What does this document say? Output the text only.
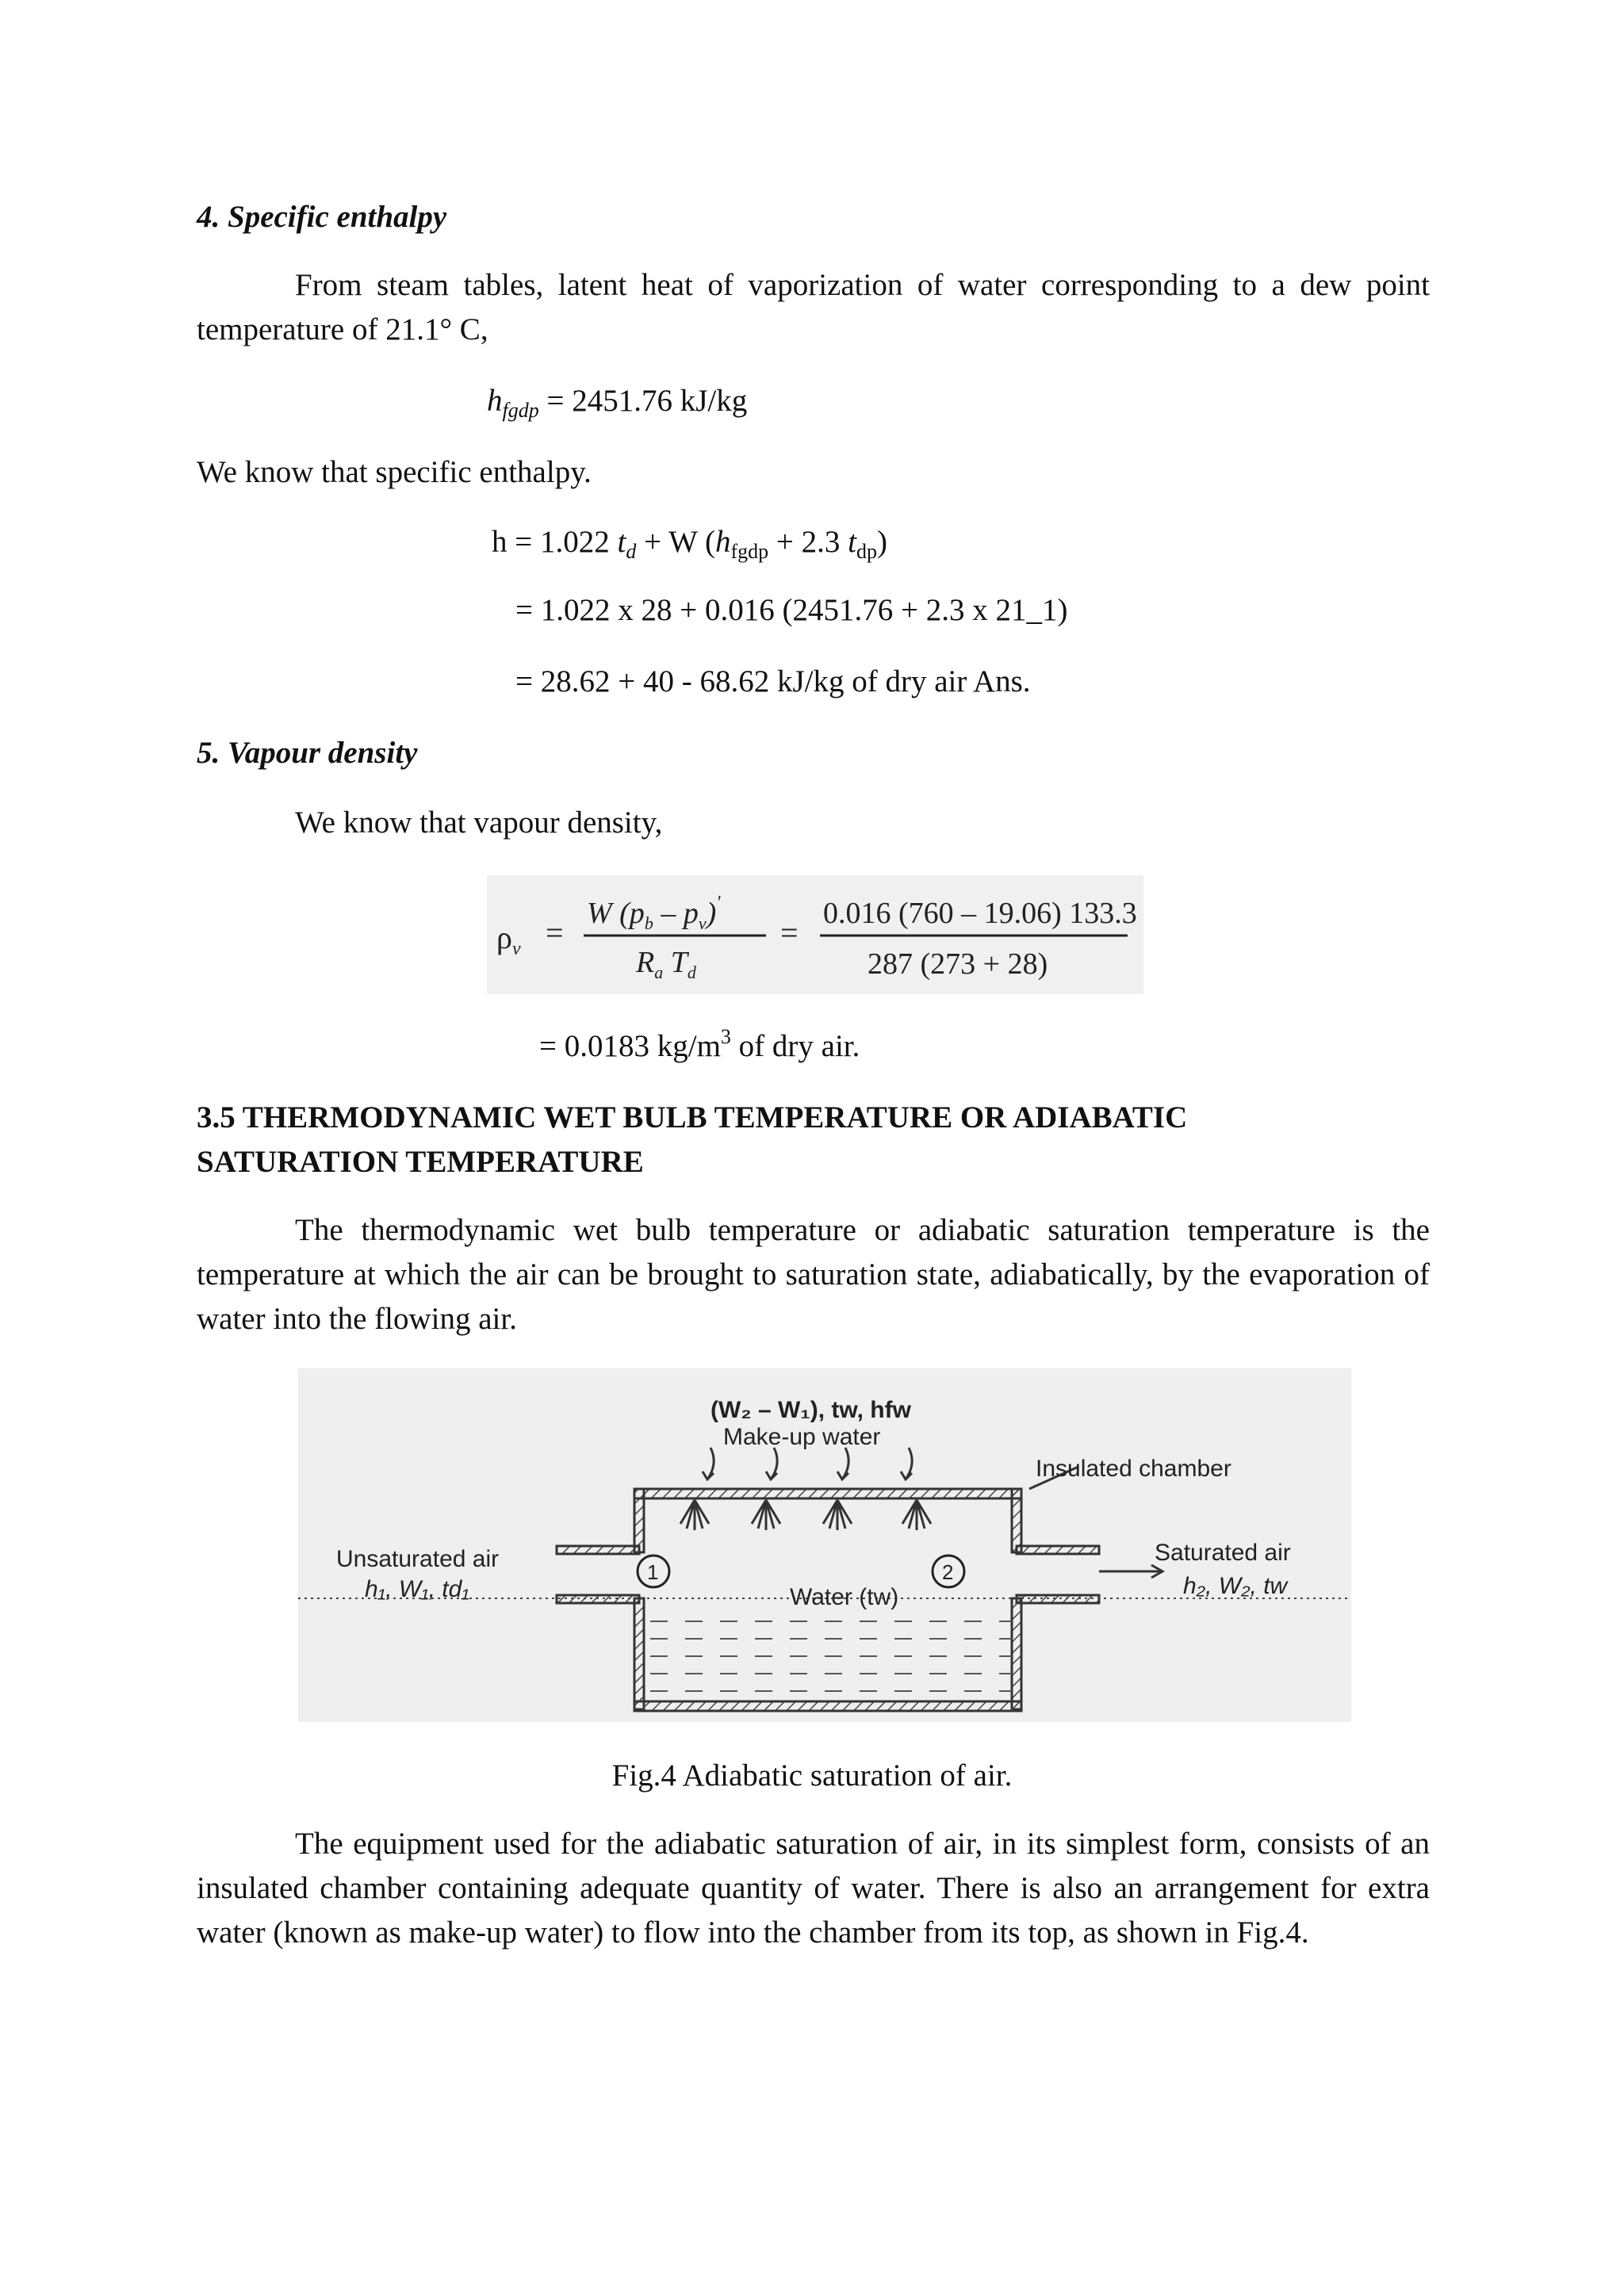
4. Specific enthalpy
From steam tables, latent heat of vaporization of water corresponding to a dew point temperature of 21.1° C,
$h_{fgdp} = 2451.76$ kJ/kg
We know that specific enthalpy.
h = 1.022 $t_d + W$ ($h_{fgdp} + 2.3$ $t_{dp}$)
= 1.022 x 28 + 0.016 (2451.76 + 2.3 x 21_1)
= 28.62 + 40 - 68.62 kJ/kg of dry air Ans.
5. Vapour density
We know that vapour density,
$\rho_v$ =
W $(p_b - p_v)'$
$R_a$ $T_d$
=
0.016 (760 – 19.06) 133.3
287 (273 + 28)
= 0.0183 $kg/m^3$ of dry air.
3.5 THERMODYNAMIC WET BULB TEMPERATURE OR ADIABATIC
SATURATION TEMPERATURE
The thermodynamic wet bulb temperature or adiabatic saturation temperature is the temperature at which the air can be brought to saturation state, adiabatically, by the evaporation of water into the flowing air.
1	2
(W₂ – W₁), tw, hfw
Make-up water
Insulated chamber
Unsaturated air
h₁, W₁, td₁
Saturated air
h₂, W₂, tw
Water (tw)
Fig.4 Adiabatic saturation of air.
The equipment used for the adiabatic saturation of air, in its simplest form, consists of an insulated chamber containing adequate quantity of water. There is also an arrangement for extra water (known as make-up water) to flow into the chamber from its top, as shown in Fig.4.
